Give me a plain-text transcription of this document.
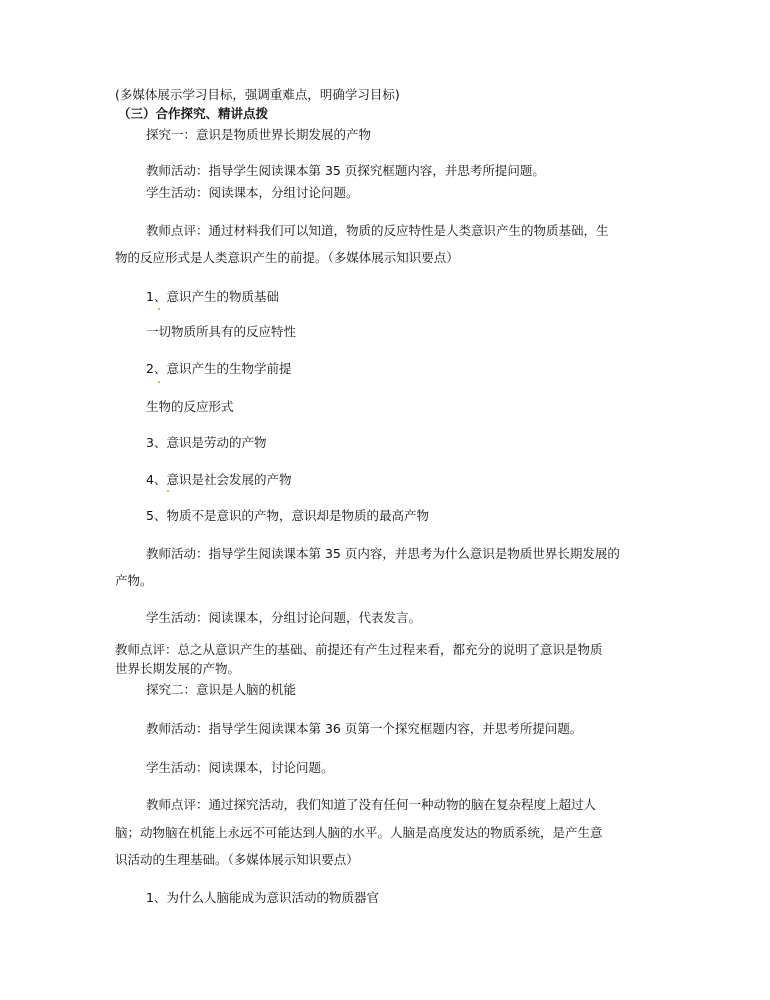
(多媒体展示学习目标，强调重难点，明确学习目标)
（三）合作探究、精讲点拨
探究一：意识是物质世界长期发展的产物
教师活动：指导学生阅读课本第 35 页探究框题内容，并思考所提问题。
学生活动：阅读课本，分组讨论问题。
教师点评：通过材料我们可以知道，物质的反应特性是人类意识产生的物质基础，生
物的反应形式是人类意识产生的前提。（多媒体展示知识要点）
1、意识产生的物质基础
一切物质所具有的反应特性
2、意识产生的生物学前提
生物的反应形式
3、意识是劳动的产物
4、意识是社会发展的产物
5、物质不是意识的产物，意识却是物质的最高产物
教师活动：指导学生阅读课本第 35 页内容，并思考为什么意识是物质世界长期发展的
产物。
学生活动：阅读课本，分组讨论问题，代表发言。
教师点评：总之从意识产生的基础、前提还有产生过程来看，都充分的说明了意识是物质
世界长期发展的产物。
探究二：意识是人脑的机能
教师活动：指导学生阅读课本第 36 页第一个探究框题内容，并思考所提问题。
学生活动：阅读课本，讨论问题。
教师点评：通过探究活动，我们知道了没有任何一种动物的脑在复杂程度上超过人
脑；动物脑在机能上永远不可能达到人脑的水平。人脑是高度发达的物质系统，是产生意
识活动的生理基础。（多媒体展示知识要点）
1、为什么人脑能成为意识活动的物质器官
